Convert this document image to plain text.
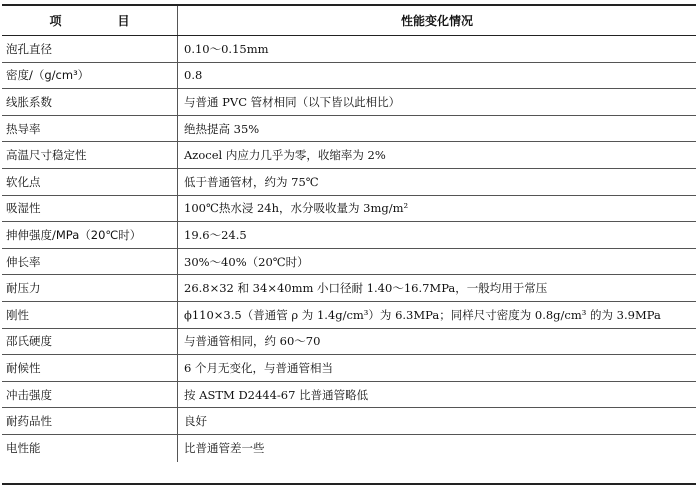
项　目	性能变化情况
泡孔直径	0.10～0.15mm
密度/（g/cm³）	0.8
线胀系数	与普通 PVC 管材相同（以下皆以此相比）
热导率	绝热提高 35%
高温尺寸稳定性	Azocel 内应力几乎为零，收缩率为 2%
软化点	低于普通管材，约为 75℃
吸湿性	100℃热水浸 24h，水分吸收量为 3mg/m²
抻伸强度/MPa（20℃时）	19.6～24.5
伸长率	30%～40%（20℃时）
耐压力	26.8×32 和 34×40mm 小口径耐 1.40～16.7MPa，一般均用于常压
刚性	ϕ110×3.5（普通管 ρ 为 1.4g/cm³）为 6.3MPa；同样尺寸密度为 0.8g/cm³ 的为 3.9MPa
邵氏硬度	与普通管相同，约 60～70
耐候性	6 个月无变化，与普通管相当
冲击强度	按 ASTM D2444-67 比普通管略低
耐药品性	良好
电性能	比普通管差一些
